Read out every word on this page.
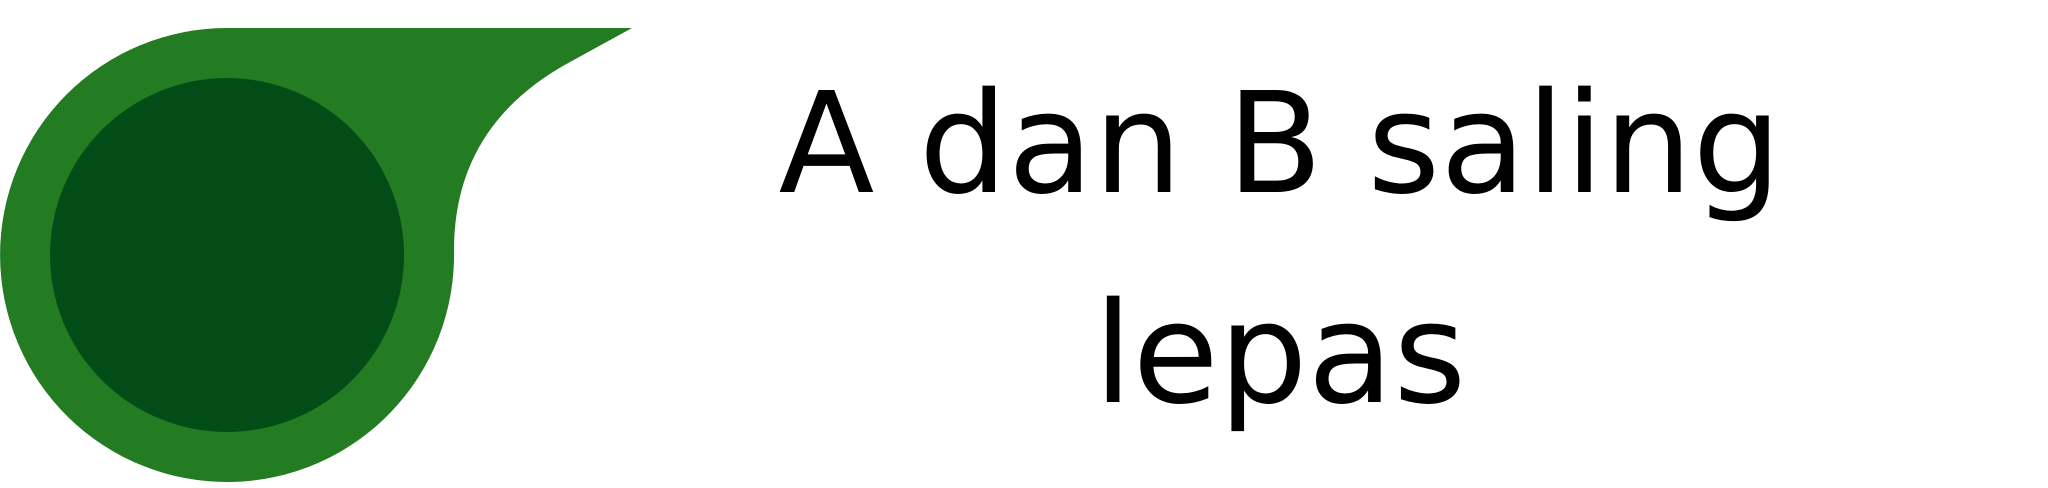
A dan B saling
lepas
